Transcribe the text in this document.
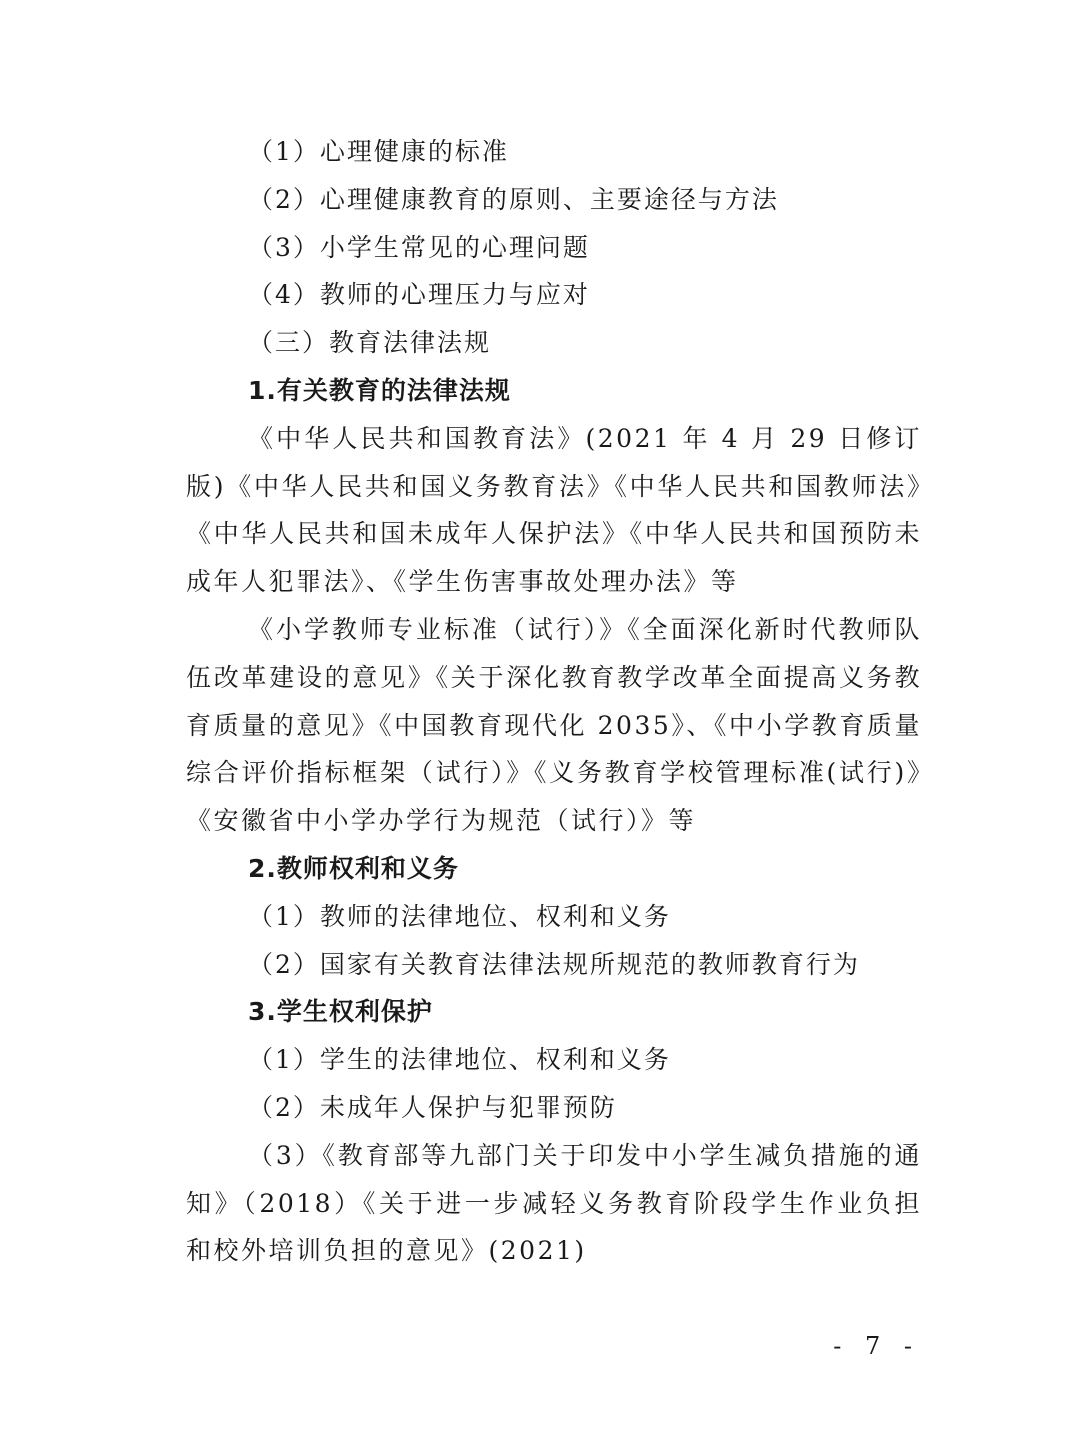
（1）心理健康的标准
（2）心理健康教育的原则、主要途径与方法
（3）小学生常见的心理问题
（4）教师的心理压力与应对
（三）教育法律法规
1.有关教育的法律法规

《中华人民共和国教育法》(2021 年 4 月 29 日修订版)《中华人民共和国义务教育法》《中华人民共和国教师法》《中华人民共和国未成年人保护法》《中华人民共和国预防未成年人犯罪法》、《学生伤害事故处理办法》等

《小学教师专业标准（试行）》《全面深化新时代教师队伍改革建设的意见》《关于深化教育教学改革全面提高义务教育质量的意见》《中国教育现代化 2035》、《中小学教育质量综合评价指标框架（试行）》《义务教育学校管理标准(试行)》《安徽省中小学办学行为规范（试行）》等

2.教师权利和义务
（1）教师的法律地位、权利和义务
（2）国家有关教育法律法规所规范的教师教育行为
3.学生权利保护
（1）学生的法律地位、权利和义务
（2）未成年人保护与犯罪预防

（3）《教育部等九部门关于印发中小学生减负措施的通知》（2018）《关于进一步减轻义务教育阶段学生作业负担和校外培训负担的意见》(2021)

- 7 -
